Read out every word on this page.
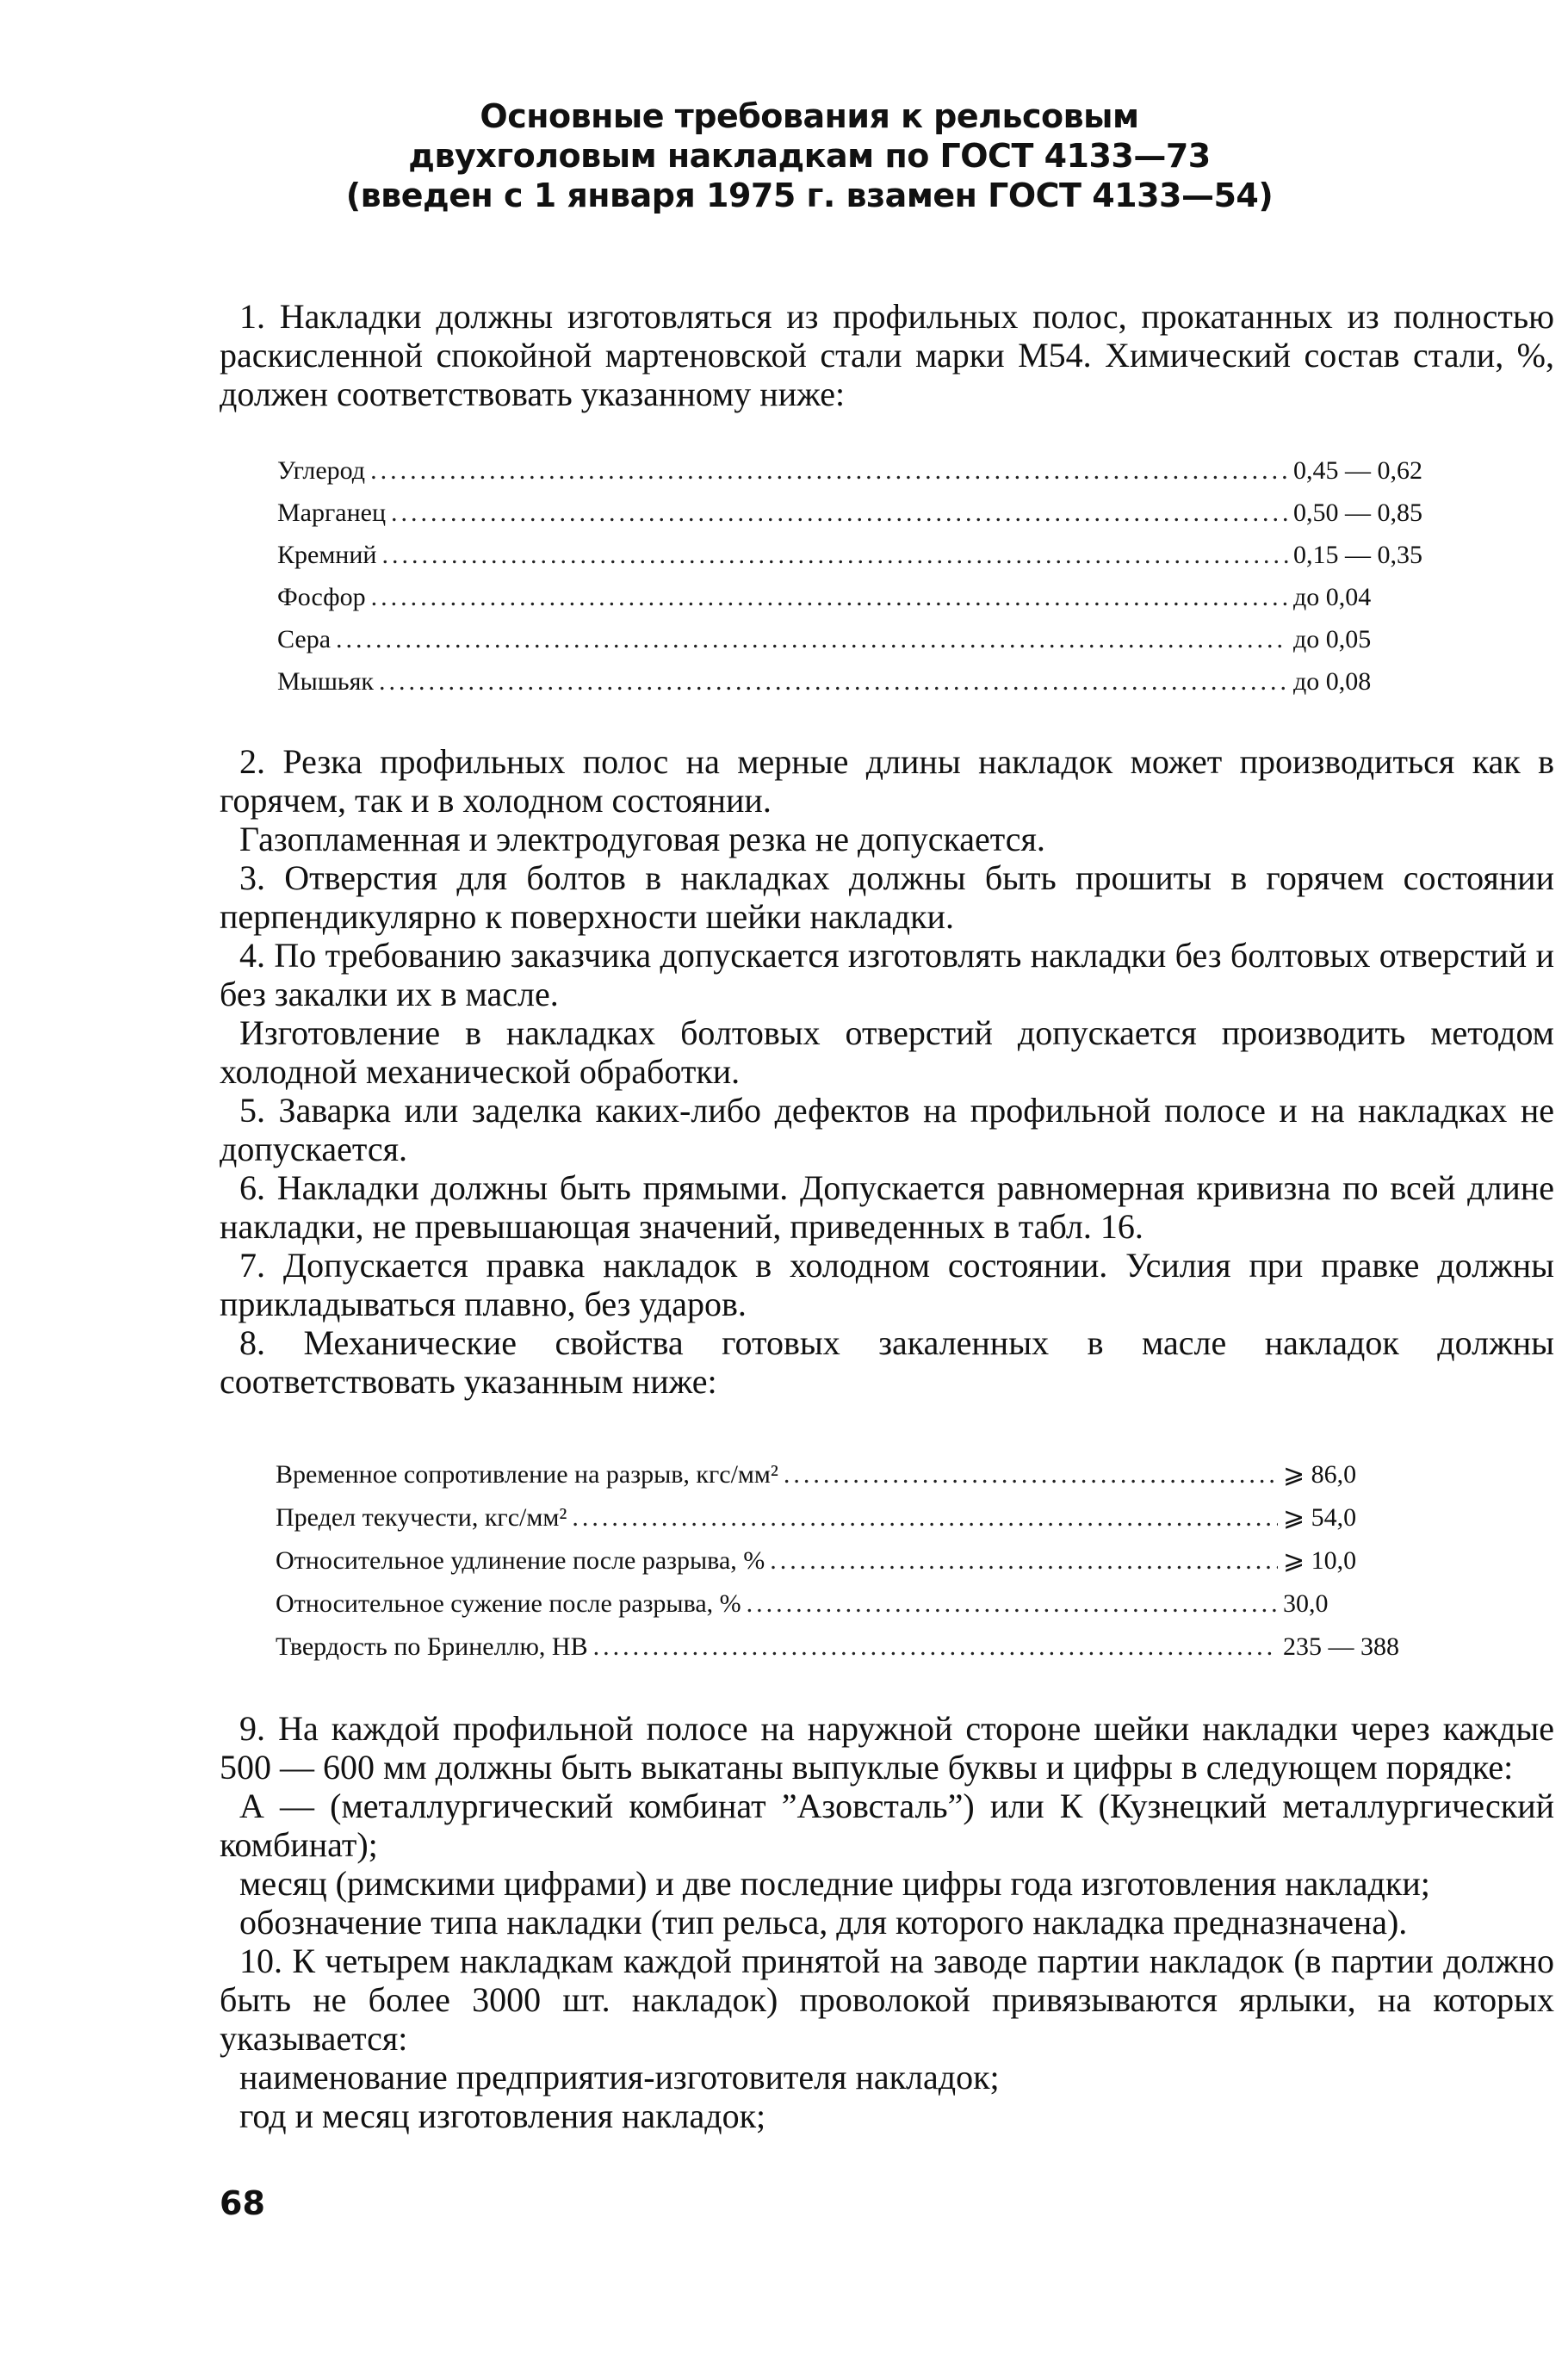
Основные требования к рельсовым
двухголовым накладкам по ГОСТ 4133—73
(введен с 1 января 1975 г. взамен ГОСТ 4133—54)

1. Накладки должны изготовляться из профильных полос, прокатанных из полностью раскисленной спокойной мартеновской стали марки М54. Химический состав стали, %, должен соответствовать указанному ниже:

Углерод .....	0,45 — 0,62
Марганец .....	0,50 — 0,85
Кремний .....	0,15 — 0,35
Фосфор .....	до 0,04
Сера .....	до 0,05
Мышьяк .....	до 0,08

2. Резка профильных полос на мерные длины накладок может производиться как в горячем, так и в холодном состоянии.

Газопламенная и электродуговая резка не допускается.

3. Отверстия для болтов в накладках должны быть прошиты в горячем состоянии перпендикулярно к поверхности шейки накладки.

4. По требованию заказчика допускается изготовлять накладки без болтовых отверстий и без закалки их в масле.

Изготовление в накладках болтовых отверстий допускается производить методом холодной механической обработки.

5. Заварка или заделка каких-либо дефектов на профильной полосе и на накладках не допускается.

6. Накладки должны быть прямыми. Допускается равномерная кривизна по всей длине накладки, не превышающая значений, приведенных в табл. 16.

7. Допускается правка накладок в холодном состоянии. Усилия при правке должны прикладываться плавно, без ударов.

8. Механические свойства готовых закаленных в масле накладок должны соответствовать указанным ниже:

Временное сопротивление на разрыв, кгс/мм² .....	⩾ 86,0
Предел текучести, кгс/мм² .....	⩾ 54,0
Относительное удлинение после разрыва, % .....	⩾ 10,0
Относительное сужение после разрыва, % .....	30,0
Твердость по Бринеллю, НВ .....	235 — 388

9. На каждой профильной полосе на наружной стороне шейки накладки через каждые 500 — 600 мм должны быть выкатаны выпуклые буквы и цифры в следующем порядке:

А — (металлургический комбинат ”Азовсталь”) или К (Кузнецкий металлургический комбинат);

месяц (римскими цифрами) и две последние цифры года изготовления накладки;

обозначение типа накладки (тип рельса, для которого накладка предназначена).

10. К четырем накладкам каждой принятой на заводе партии накладок (в партии должно быть не более 3000 шт. накладок) проволокой привязываются ярлыки, на которых указывается:

наименование предприятия-изготовителя накладок;

год и месяц изготовления накладок;

68
